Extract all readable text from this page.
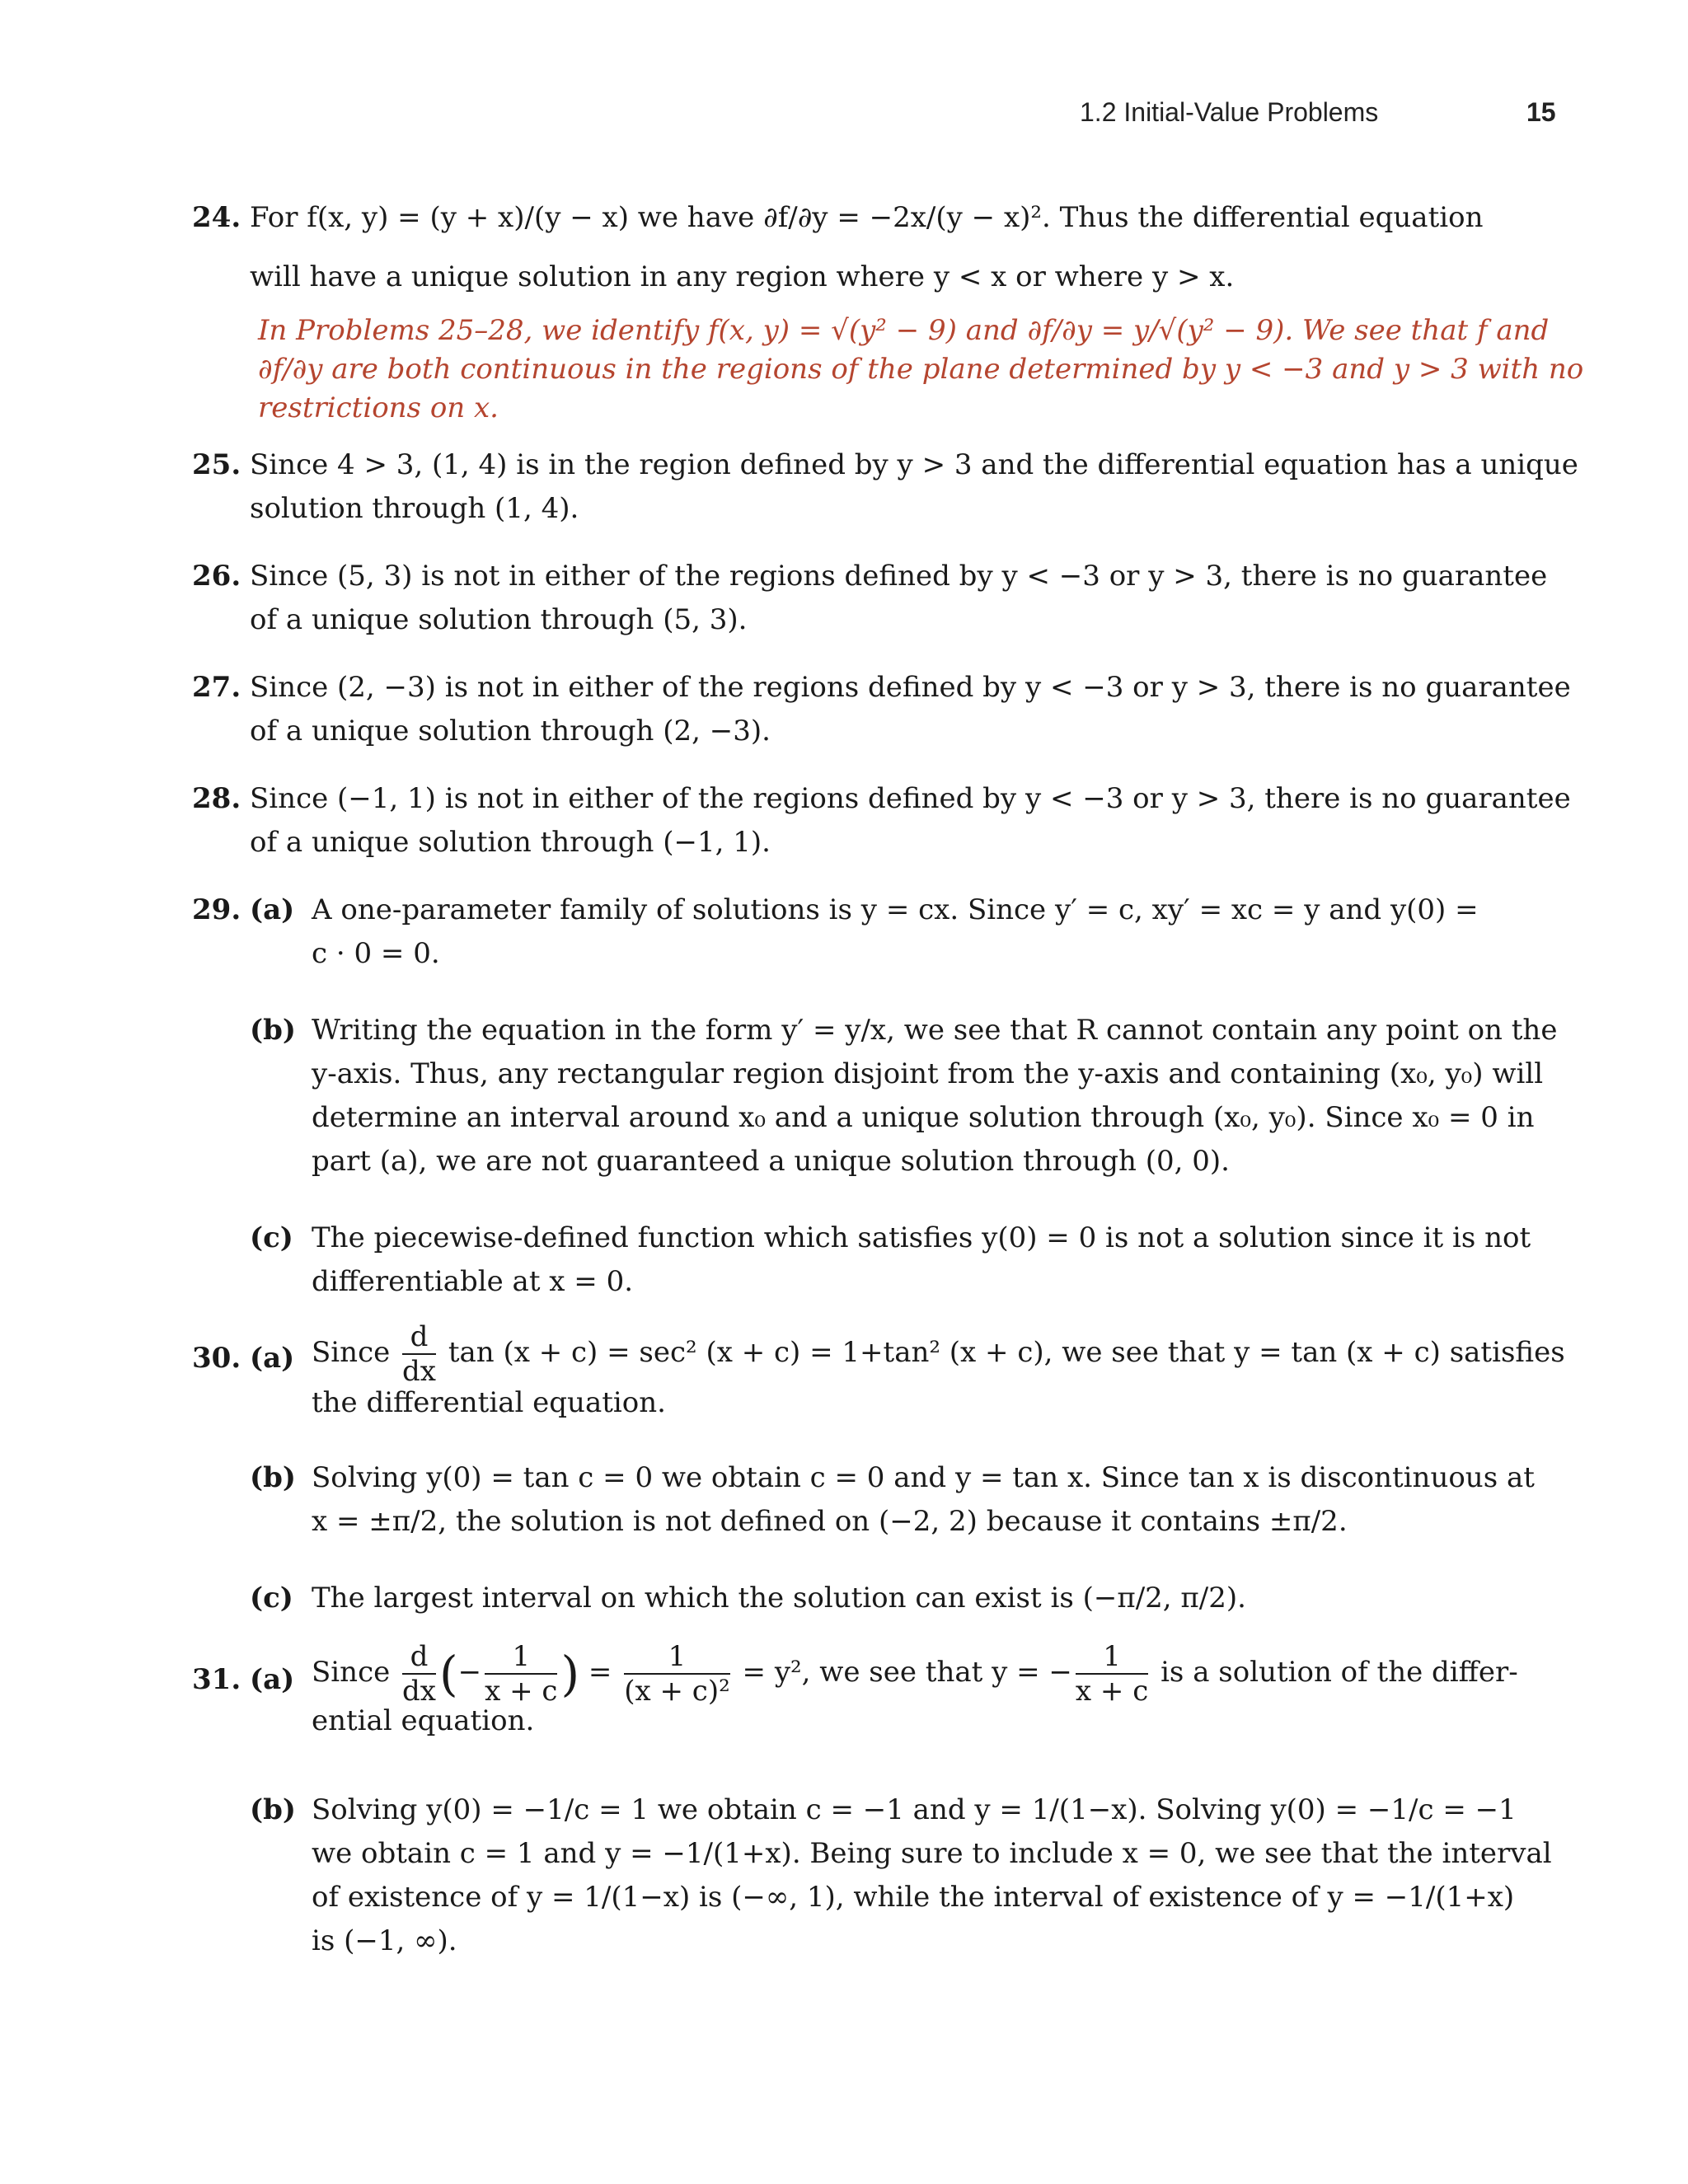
1.2 Initial-Value Problems	15
24. For f(x, y) = (y + x)/(y − x) we have ∂f/∂y = −2x/(y − x)². Thus the differential equation
will have a unique solution in any region where y < x or where y > x.
In Problems 25–28, we identify f(x, y) = √(y² − 9) and ∂f/∂y = y/√(y² − 9). We see that f and
∂f/∂y are both continuous in the regions of the plane determined by y < −3 and y > 3 with no
restrictions on x.
25. Since 4 > 3, (1, 4) is in the region defined by y > 3 and the differential equation has a unique
solution through (1, 4).
26. Since (5, 3) is not in either of the regions defined by y < −3 or y > 3, there is no guarantee
of a unique solution through (5, 3).
27. Since (2, −3) is not in either of the regions defined by y < −3 or y > 3, there is no guarantee
of a unique solution through (2, −3).
28. Since (−1, 1) is not in either of the regions defined by y < −3 or y > 3, there is no guarantee
of a unique solution through (−1, 1).
29. (a) A one-parameter family of solutions is y = cx. Since y′ = c, xy′ = xc = y and y(0) =
c · 0 = 0.
(b) Writing the equation in the form y′ = y/x, we see that R cannot contain any point on the
y-axis. Thus, any rectangular region disjoint from the y-axis and containing (x₀, y₀) will
determine an interval around x₀ and a unique solution through (x₀, y₀). Since x₀ = 0 in
part (a), we are not guaranteed a unique solution through (0, 0).
(c) The piecewise-defined function which satisfies y(0) = 0 is not a solution since it is not
differentiable at x = 0.
30. (a) Since $\frac{d}{dx}$ tan (x + c) = sec² (x + c) = 1+tan² (x + c), we see that y = tan (x + c) satisfies
the differential equation.
(b) Solving y(0) = tan c = 0 we obtain c = 0 and y = tan x. Since tan x is discontinuous at
x = ±π/2, the solution is not defined on (−2, 2) because it contains ±π/2.
(c) The largest interval on which the solution can exist is (−π/2, π/2).
31. (a) Since $\frac{d}{dx}$ (− $\frac{1}{x + c}$ ) = $\frac{1}{\text{(x + c)²}} = y^2$, we see that y = − $\frac{1}{x + c}$ is a solution of the differ-
ential equation.
(b) Solving y(0) = −1/c = 1 we obtain c = −1 and y = 1/(1−x). Solving y(0) = −1/c = −1
we obtain c = 1 and y = −1/(1+x). Being sure to include x = 0, we see that the interval
of existence of y = 1/(1−x) is (−∞, 1), while the interval of existence of y = −1/(1+x)
is (−1, ∞).
